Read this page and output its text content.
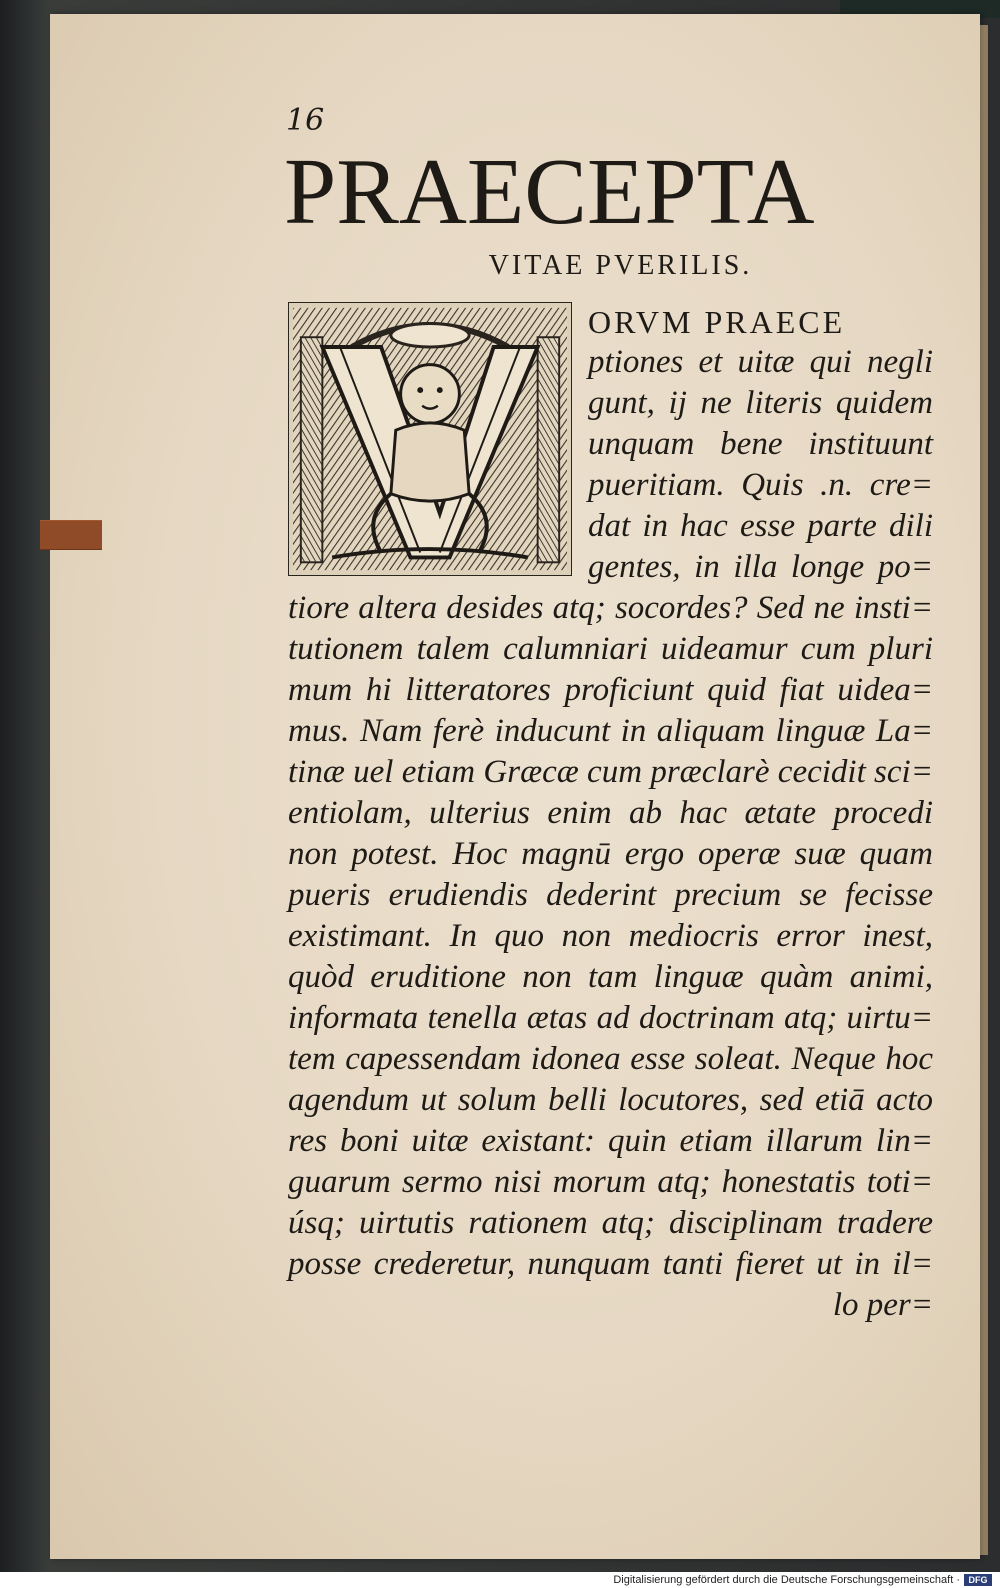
16
PRAECEPTA
VITAE PVERILIS.
ORVM PRAECE
ptiones et uitæ qui negli
gunt, ij ne literis quidem
unquam bene instituunt
pueritiam. Quis .n. cre=
dat in hac esse parte dili
gentes, in illa longe po=
tiore altera desides atq; socordes? Sed ne insti=
tutionem talem calumniari uideamur cum pluri
mum hi litteratores proficiunt quid fiat uidea=
mus. Nam ferè inducunt in aliquam linguæ La=
tinæ uel etiam Græcæ cum præclarè cecidit sci=
entiolam, ulterius enim ab hac ætate procedi
non potest. Hoc magnū ergo operæ suæ quam
pueris erudiendis dederint precium se fecisse
existimant. In quo non mediocris error inest,
quòd eruditione non tam linguæ quàm animi,
informata tenella ætas ad doctrinam atq; uirtu=
tem capessendam idonea esse soleat. Neque hoc
agendum ut solum belli locutores, sed etiā acto
res boni uitæ existant: quin etiam illarum lin=
guarum sermo nisi morum atq; honestatis toti=
úsq; uirtutis rationem atq; disciplinam tradere
posse crederetur, nunquam tanti fieret ut in il=
lo per=
Digitalisierung gefördert durch die Deutsche Forschungsgemeinschaft · DFG
